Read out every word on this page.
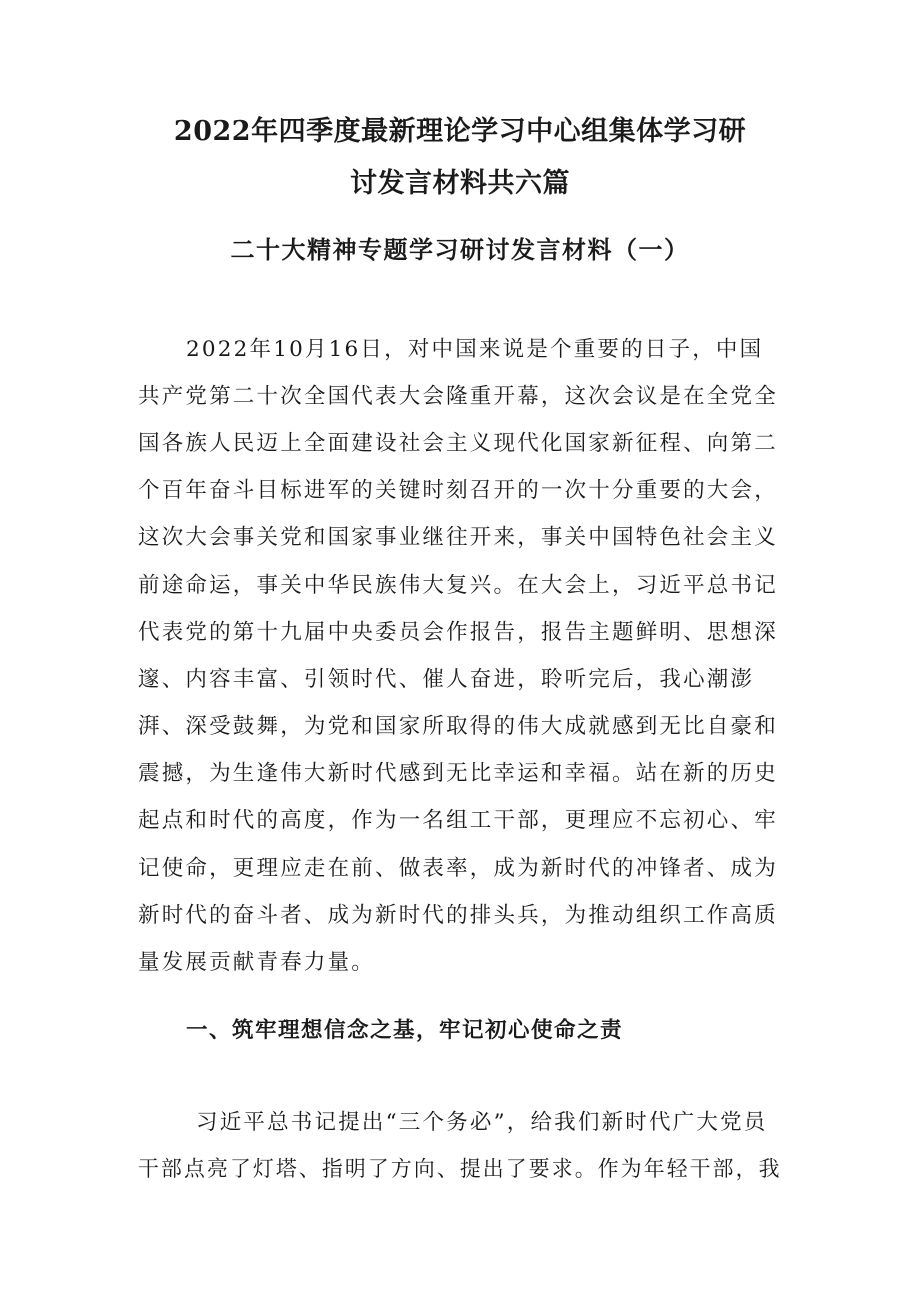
2022年四季度最新理论学习中心组集体学习研
讨发言材料共六篇
二十大精神专题学习研讨发言材料（一）
2022年10月16日，对中国来说是个重要的日子，中国
共产党第二十次全国代表大会隆重开幕，这次会议是在全党全
国各族人民迈上全面建设社会主义现代化国家新征程、向第二
个百年奋斗目标进军的关键时刻召开的一次十分重要的大会，
这次大会事关党和国家事业继往开来，事关中国特色社会主义
前途命运，事关中华民族伟大复兴。在大会上，习近平总书记
代表党的第十九届中央委员会作报告，报告主题鲜明、思想深
邃、内容丰富、引领时代、催人奋进，聆听完后，我心潮澎
湃、深受鼓舞，为党和国家所取得的伟大成就感到无比自豪和
震撼，为生逢伟大新时代感到无比幸运和幸福。站在新的历史
起点和时代的高度，作为一名组工干部，更理应不忘初心、牢
记使命，更理应走在前、做表率，成为新时代的冲锋者、成为
新时代的奋斗者、成为新时代的排头兵，为推动组织工作高质
量发展贡献青春力量。
一、筑牢理想信念之基，牢记初心使命之责
习近平总书记提出“三个务必”，给我们新时代广大党员
干部点亮了灯塔、指明了方向、提出了要求。作为年轻干部，我
